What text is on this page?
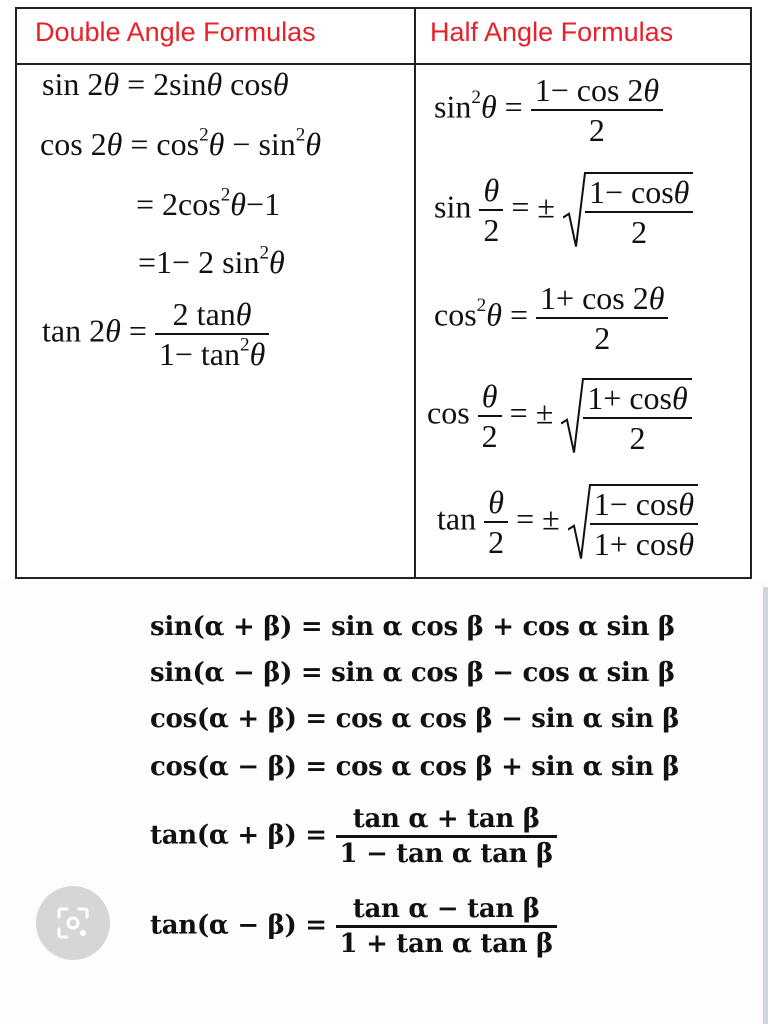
Double Angle Formulas	Half Angle Formulas
sin 2θ = 2sinθ cosθ
$\cos 2\theta = \cos^2\theta - \sin^2\theta$
= $2\cos^2\theta-1$
=1− 2 $\sin^2\theta$
$\tan 2\theta = \frac{2 \tan\theta}{1- \tan^2\theta}$
$\sin^2\theta = \frac{1- \cos 2\theta}{2}$
$\sin \frac{\theta}{2}$ = ± $\frac{1- \cos\theta}{2}$
$\cos^2\theta = \frac{1+ \cos 2\theta}{2}$
$\cos \frac{\theta}{2}$ = ± $\frac{1+ \cos\theta}{2}$
$\tan \frac{\theta}{2}$ = ± $\frac{1- \cos\theta}{1+ \cos\theta}$
sin(α + β) = sin α cos β + cos α sin β
sin(α − β) = sin α cos β − cos α sin β
cos(α + β) = cos α cos β − sin α sin β
cos(α − β) = cos α cos β + sin α sin β
$\tan(\alpha + \beta) = \frac{\text{tan α + tan β}}{\text{1 − tan α tan β}}$
$\tan(\alpha - \beta) = \frac{\text{tan α − tan β}}{\text{1 + tan α tan β}}$
